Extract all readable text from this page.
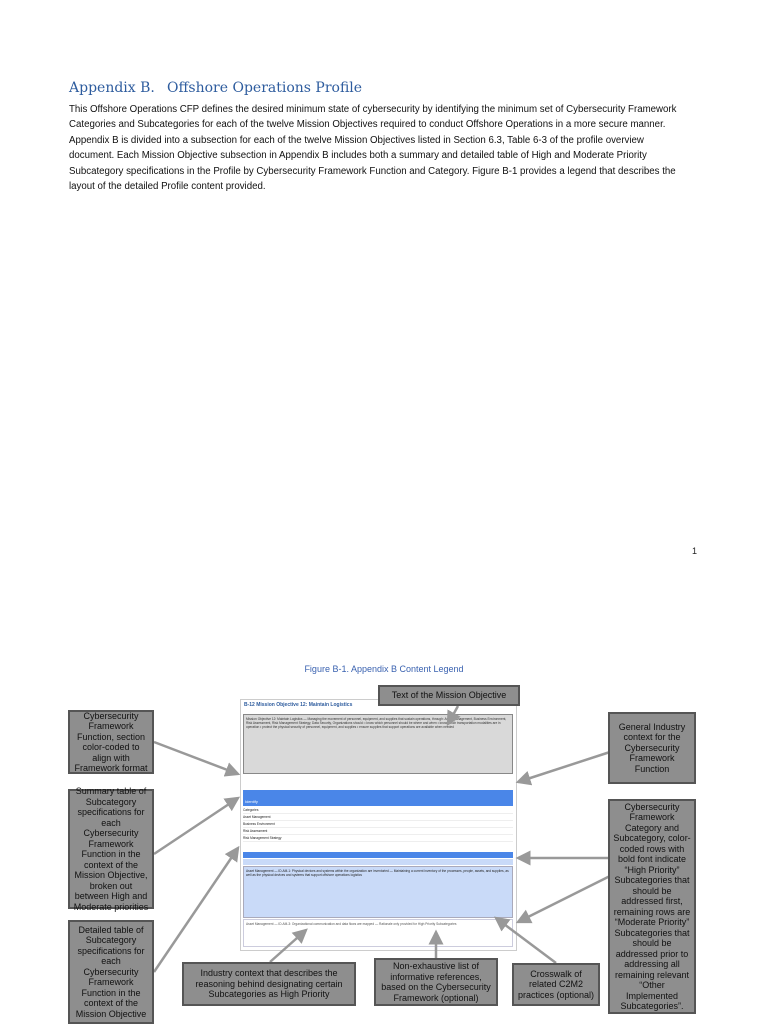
Appendix B. Offshore Operations Profile
This Offshore Operations CFP defines the desired minimum state of cybersecurity by identifying the minimum set of Cybersecurity Framework Categories and Subcategories for each of the twelve Mission Objectives required to conduct Offshore Operations in a more secure manner. Appendix B is divided into a subsection for each of the twelve Mission Objectives listed in Section 6.3, Table 6-3 of the profile overview document. Each Mission Objective subsection in Appendix B includes both a summary and detailed table of High and Moderate Priority Subcategory specifications in the Profile by Cybersecurity Framework Function and Category. Figure B-1 provides a legend that describes the layout of the detailed Profile content provided.
1
Figure B-1. Appendix B Content Legend
B-12 Mission Objective 12: Maintain Logistics
Mission Objective 12: Maintain Logistics — Managing the movement of personnel, equipment, and supplies that sustain operations, through: Asset Management, Business Environment, Risk Assessment, Risk Management Strategy, Data Security, Organizations should: • know which personnel should be where and when • know which transportation modalities are in operation • protect the physical security of personnel, equipment, and supplies • ensure supplies that support operations are available when needed
Identify
Categories
Asset Management
Business Environment
Risk Assessment
Risk Management Strategy
Asset Management — ID.AM-1: Physical devices and systems within the organization are inventoried — Maintaining a current inventory of the processes, people, assets, and supplies, as well as the physical devices and systems that support offshore operations logistics
Asset Management — ID.AM-3: Organizational communication and data flows are mapped — Rationale only provided for High Priority Subcategories
Text of the Mission Objective
Cybersecurity Framework Function, section color-coded to align with Framework format
Summary table of Subcategory specifications for each Cybersecurity Framework Function in the context of the Mission Objective, broken out between High and Moderate priorities
Detailed table of Subcategory specifications for each Cybersecurity Framework Function in the context of the Mission Objective
Industry context that describes the reasoning behind designating certain Subcategories as High Priority
Non-exhaustive list of informative references, based on the Cybersecurity Framework (optional)
Crosswalk of related C2M2 practices (optional)
General Industry context for the Cybersecurity Framework Function
Cybersecurity Framework Category and Subcategory, color-coded rows with bold font indicate “High Priority” Subcategories that should be addressed first, remaining rows are “Moderate Priority” Subcategories that should be addressed prior to addressing all remaining relevant “Other Implemented Subcategories”.
